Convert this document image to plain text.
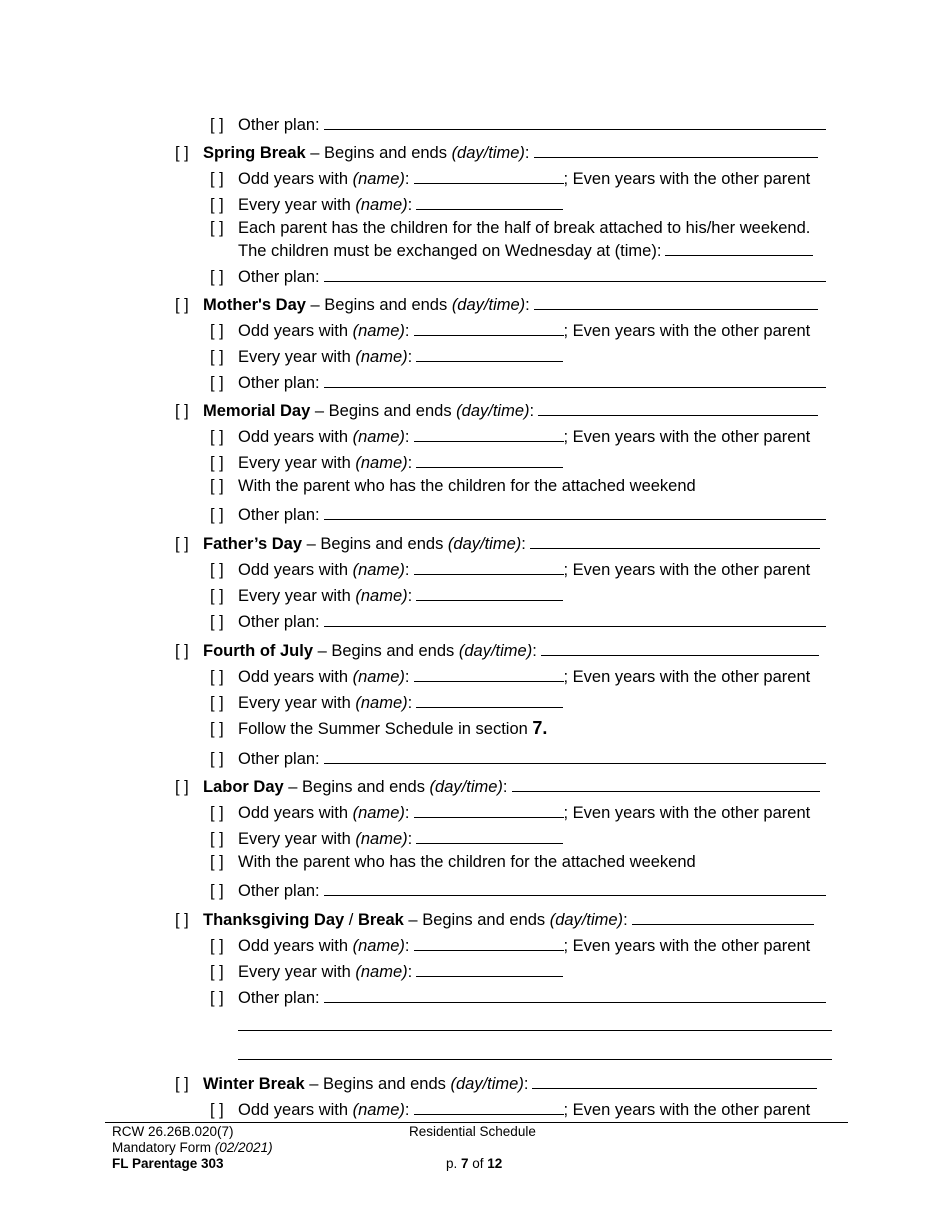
[ ] Other plan:
[ ] Spring Break – Begins and ends (day/time):
[ ] Odd years with (name):	; Even years with the other parent
[ ] Every year with (name):
[ ] Each parent has the children for the half of break attached to his/her weekend.
The children must be exchanged on Wednesday at (time):
[ ] Other plan:
[ ] Mother's Day – Begins and ends (day/time):
[ ] Odd years with (name):	; Even years with the other parent
[ ] Every year with (name):
[ ] Other plan:
[ ] Memorial Day – Begins and ends (day/time):
[ ] Odd years with (name):	; Even years with the other parent
[ ] Every year with (name):
[ ] With the parent who has the children for the attached weekend
[ ] Other plan:
[ ] Father’s Day – Begins and ends (day/time):
[ ] Odd years with (name):	; Even years with the other parent
[ ] Every year with (name):
[ ] Other plan:
[ ] Fourth of July – Begins and ends (day/time):
[ ] Odd years with (name):	; Even years with the other parent
[ ] Every year with (name):
[ ] Follow the Summer Schedule in section 7.
[ ] Other plan:
[ ] Labor Day – Begins and ends (day/time):
[ ] Odd years with (name):	; Even years with the other parent
[ ] Every year with (name):
[ ] With the parent who has the children for the attached weekend
[ ] Other plan:
[ ] Thanksgiving Day / Break – Begins and ends (day/time):
[ ] Odd years with (name):	; Even years with the other parent
[ ] Every year with (name):
[ ] Other plan:
[ ] Winter Break – Begins and ends (day/time):
[ ] Odd years with (name):	; Even years with the other parent
RCW 26.26B.020(7)
Mandatory Form (02/2021)
FL Parentage 303
Residential Schedule
p. 7 of 12
